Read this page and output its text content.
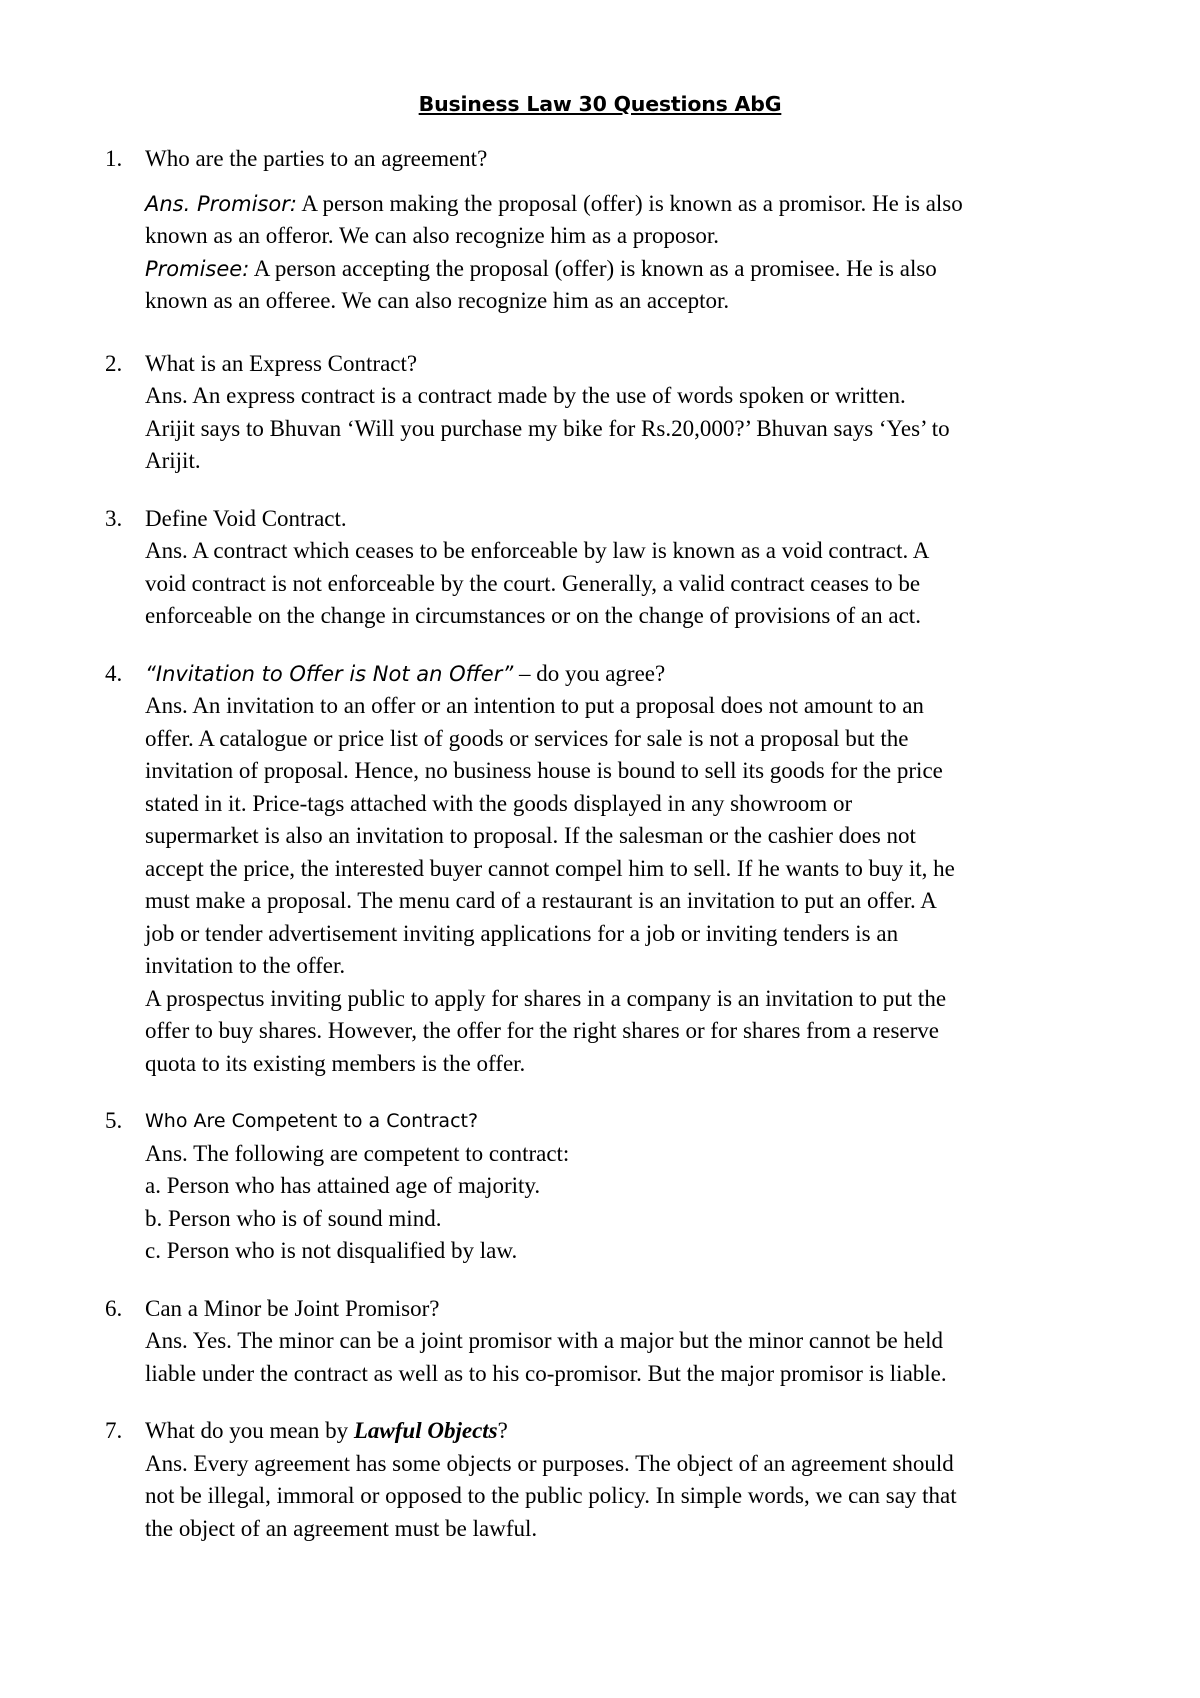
Business Law 30 Questions AbG
1. Who are the parties to an agreement?
Ans. Promisor: A person making the proposal (offer) is known as a promisor. He is also
known as an offeror. We can also recognize him as a proposor.
Promisee: A person accepting the proposal (offer) is known as a promisee. He is also
known as an offeree. We can also recognize him as an acceptor.
2. What is an Express Contract?
Ans. An express contract is a contract made by the use of words spoken or written.
Arijit says to Bhuvan ‘Will you purchase my bike for Rs.20,000?’ Bhuvan says ‘Yes’ to
Arijit.
3. Define Void Contract.
Ans. A contract which ceases to be enforceable by law is known as a void contract. A
void contract is not enforceable by the court. Generally, a valid contract ceases to be
enforceable on the change in circumstances or on the change of provisions of an act.
4. “Invitation to Offer is Not an Offer” – do you agree?
Ans. An invitation to an offer or an intention to put a proposal does not amount to an
offer. A catalogue or price list of goods or services for sale is not a proposal but the
invitation of proposal. Hence, no business house is bound to sell its goods for the price
stated in it. Price-tags attached with the goods displayed in any showroom or
supermarket is also an invitation to proposal. If the salesman or the cashier does not
accept the price, the interested buyer cannot compel him to sell. If he wants to buy it, he
must make a proposal. The menu card of a restaurant is an invitation to put an offer. A
job or tender advertisement inviting applications for a job or inviting tenders is an
invitation to the offer.
A prospectus inviting public to apply for shares in a company is an invitation to put the
offer to buy shares. However, the offer for the right shares or for shares from a reserve
quota to its existing members is the offer.
5. Who Are Competent to a Contract?
Ans. The following are competent to contract:
a. Person who has attained age of majority.
b. Person who is of sound mind.
c. Person who is not disqualified by law.
6. Can a Minor be Joint Promisor?
Ans. Yes. The minor can be a joint promisor with a major but the minor cannot be held
liable under the contract as well as to his co-promisor. But the major promisor is liable.
7. What do you mean by Lawful Objects?
Ans. Every agreement has some objects or purposes. The object of an agreement should
not be illegal, immoral or opposed to the public policy. In simple words, we can say that
the object of an agreement must be lawful.
